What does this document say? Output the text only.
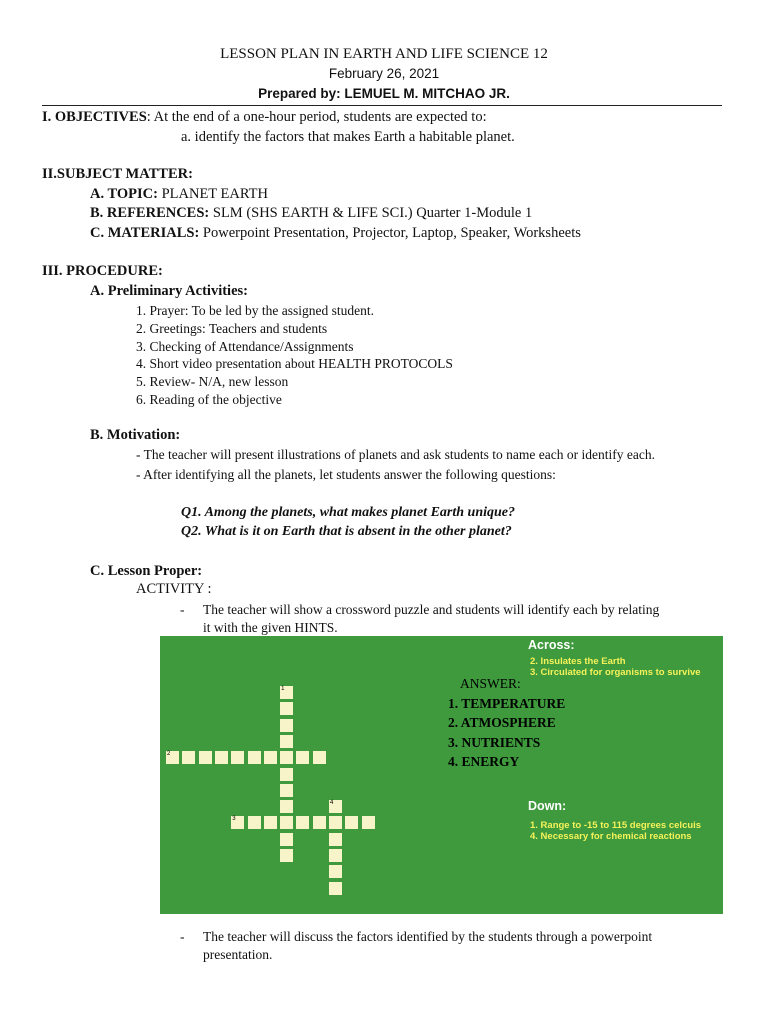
LESSON PLAN IN EARTH AND LIFE SCIENCE 12
February 26, 2021
Prepared by: LEMUEL M. MITCHAO JR.
I. OBJECTIVES: At the end of a one-hour period, students are expected to:
a. identify the factors that makes Earth a habitable planet.
II.SUBJECT MATTER:
A. TOPIC: PLANET EARTH
B. REFERENCES: SLM (SHS EARTH & LIFE SCI.) Quarter 1-Module 1
C. MATERIALS: Powerpoint Presentation, Projector, Laptop, Speaker, Worksheets
III. PROCEDURE:
A. Preliminary Activities:
1. Prayer: To be led by the assigned student.
2. Greetings: Teachers and students
3. Checking of Attendance/Assignments
4. Short video presentation about HEALTH PROTOCOLS
5. Review- N/A, new lesson
6. Reading of the objective
B. Motivation:
- The teacher will present illustrations of planets and ask students to name each or identify each.
- After identifying all the planets, let students answer the following questions:
Q1. Among the planets, what makes planet Earth unique?
Q2. What is it on Earth that is absent in the other planet?
C. Lesson Proper:
ACTIVITY :
- The teacher will show a crossword puzzle and students will identify each by relating
it with the given HINTS.
Across:
2. Insulates the Earth
3. Circulated for organisms to survive
ANSWER:
1. TEMPERATURE
2. ATMOSPHERE
3. NUTRIENTS
4. ENERGY
Down:
1. Range to -15 to 115 degrees celcuis
4. Necessary for chemical reactions
1
2
3
4
- The teacher will discuss the factors identified by the students through a powerpoint
presentation.
